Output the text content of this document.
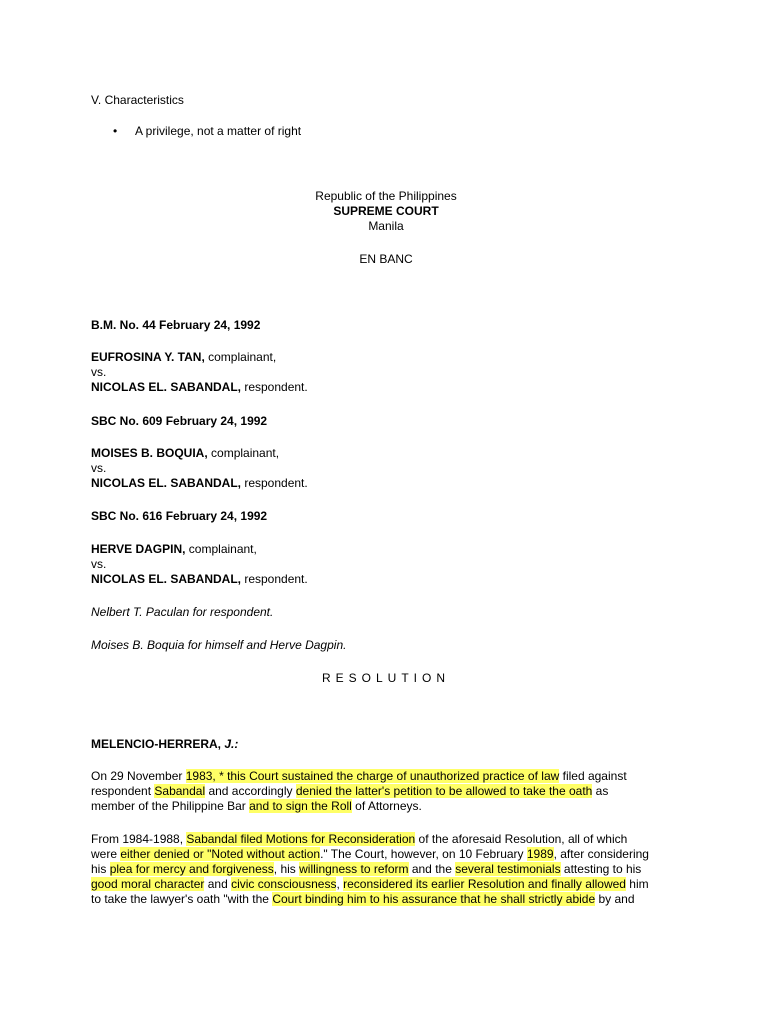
V. Characteristics
• A privilege, not a matter of right
Republic of the Philippines
SUPREME COURT
Manila
EN BANC
B.M. No. 44 February 24, 1992
EUFROSINA Y. TAN, complainant,
vs.
NICOLAS EL. SABANDAL, respondent.
SBC No. 609 February 24, 1992
MOISES B. BOQUIA, complainant,
vs.
NICOLAS EL. SABANDAL, respondent.
SBC No. 616 February 24, 1992
HERVE DAGPIN, complainant,
vs.
NICOLAS EL. SABANDAL, respondent.
Nelbert T. Paculan for respondent.
Moises B. Boquia for himself and Herve Dagpin.
RESOLUTION
MELENCIO-HERRERA, J.:
On 29 November 1983, * this Court sustained the charge of unauthorized practice of law filed against
respondent Sabandal and accordingly denied the latter's petition to be allowed to take the oath as
member of the Philippine Bar and to sign the Roll of Attorneys.
From 1984-1988, Sabandal filed Motions for Reconsideration of the aforesaid Resolution, all of which
were either denied or "Noted without action." The Court, however, on 10 February 1989, after considering
his plea for mercy and forgiveness, his willingness to reform and the several testimonials attesting to his
good moral character and civic consciousness, reconsidered its earlier Resolution and finally allowed him
to take the lawyer's oath "with the Court binding him to his assurance that he shall strictly abide by and
